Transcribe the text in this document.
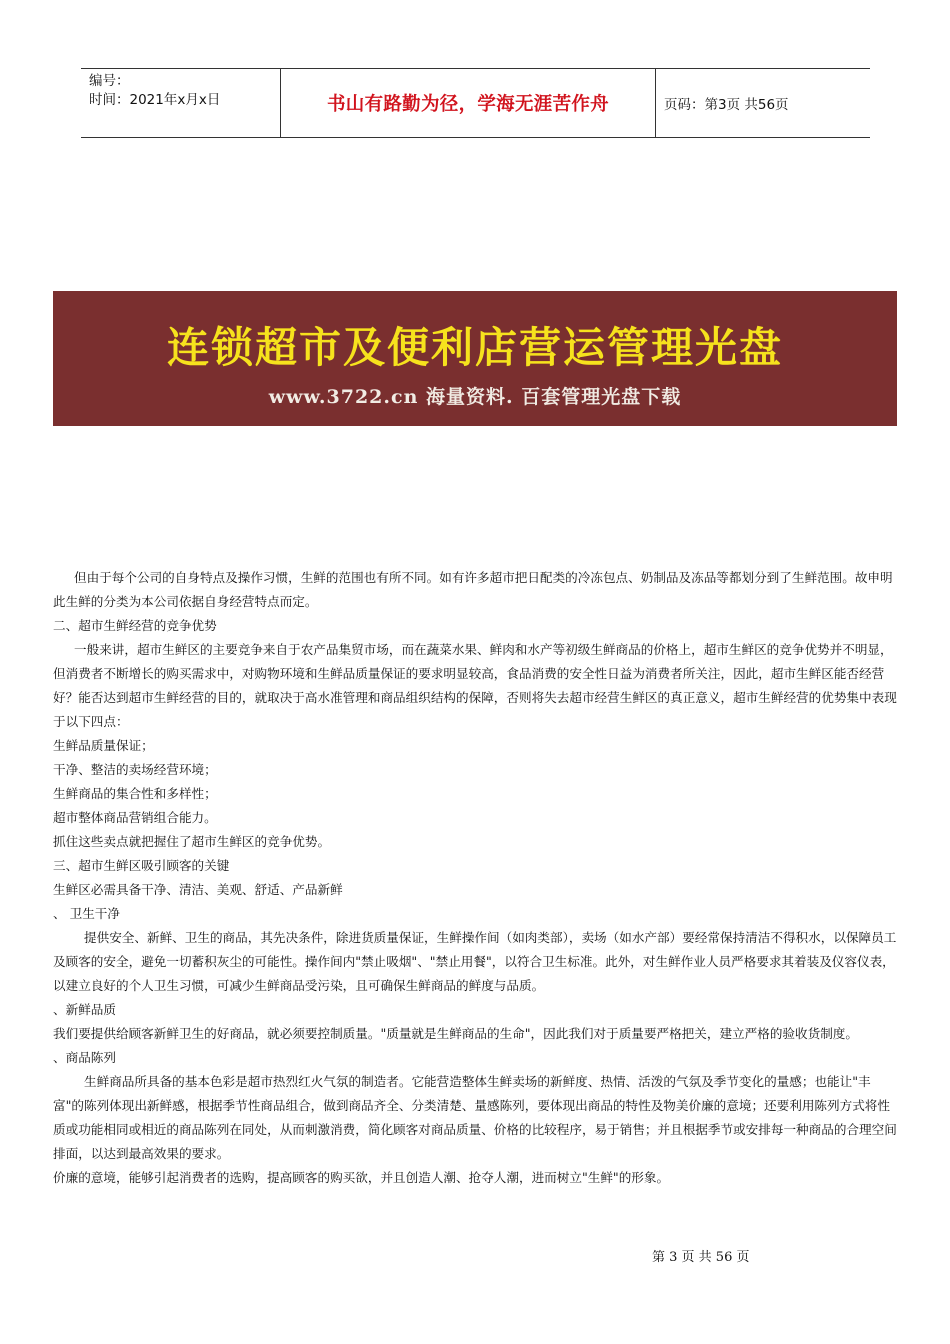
编号：
时间：2021年x月x日	书山有路勤为径，学海无涯苦作舟	页码：第3页 共56页
连锁超市及便利店营运管理光盘
www.3722.cn 海量资料. 百套管理光盘下载

但由于每个公司的自身特点及操作习惯，生鲜的范围也有所不同。如有许多超市把日配类的冷冻包点、奶制品及冻品等都划分到了生鲜范围。故申明此生鲜的分类为本公司依据自身经营特点而定。

二、超市生鲜经营的竞争优势

一般来讲，超市生鲜区的主要竞争来自于农产品集贸市场，而在蔬菜水果、鲜肉和水产等初级生鲜商品的价格上，超市生鲜区的竞争优势并不明显，但消费者不断增长的购买需求中，对购物环境和生鲜品质量保证的要求明显较高，食品消费的安全性日益为消费者所关注，因此，超市生鲜区能否经营好？能否达到超市生鲜经营的目的，就取决于高水准管理和商品组织结构的保障，否则将失去超市经营生鲜区的真正意义，超市生鲜经营的优势集中表现于以下四点：

生鲜品质量保证；

干净、整洁的卖场经营环境；

生鲜商品的集合性和多样性；

超市整体商品营销组合能力。

抓住这些卖点就把握住了超市生鲜区的竞争优势。

三、超市生鲜区吸引顾客的关键

生鲜区必需具备干净、清洁、美观、舒适、产品新鲜

、 卫生干净

提供安全、新鲜、卫生的商品，其先决条件，除进货质量保证，生鲜操作间（如肉类部），卖场（如水产部）要经常保持清洁不得积水，以保障员工及顾客的安全，避免一切蓄积灰尘的可能性。操作间内"禁止吸烟"、"禁止用餐"，以符合卫生标准。此外，对生鲜作业人员严格要求其着装及仪容仪表，以建立良好的个人卫生习惯，可减少生鲜商品受污染，且可确保生鲜商品的鲜度与品质。

、新鲜品质

我们要提供给顾客新鲜卫生的好商品，就必须要控制质量。"质量就是生鲜商品的生命"，因此我们对于质量要严格把关，建立严格的验收货制度。

、商品陈列

生鲜商品所具备的基本色彩是超市热烈红火气氛的制造者。它能营造整体生鲜卖场的新鲜度、热情、活泼的气氛及季节变化的量感；也能让"丰富"的陈列体现出新鲜感，根据季节性商品组合，做到商品齐全、分类清楚、量感陈列，要体现出商品的特性及物美价廉的意境；还要利用陈列方式将性质或功能相同或相近的商品陈列在同处，从而刺激消费，简化顾客对商品质量、价格的比较程序，易于销售；并且根据季节或安排每一种商品的合理空间排面，以达到最高效果的要求。

价廉的意境，能够引起消费者的选购，提高顾客的购买欲，并且创造人潮、抢夺人潮，进而树立"生鲜"的形象。

第 3 页 共 56 页
